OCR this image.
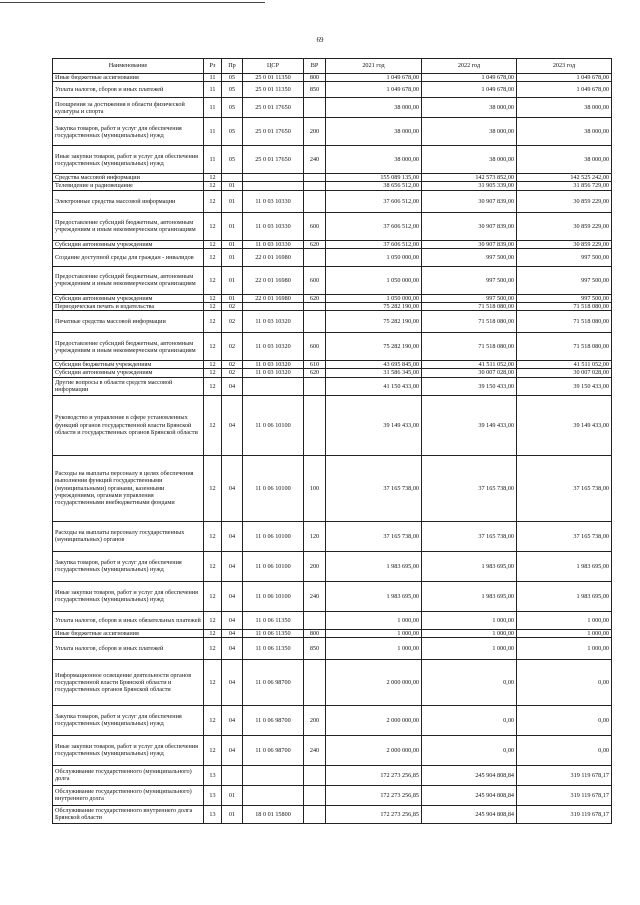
69
Наименование	Рз	Пр	ЦСР	ВР	2021 год	2022 год	2023 год
Иные бюджетные ассигнования	11	05	25 0 01 11350	800	1 049 678,00	1 049 678,00	1 049 678,00
Уплата налогов, сборов и иных платежей	11	05	25 0 01 11350	850	1 049 678,00	1 049 678,00	1 049 678,00
Поощрения за достижения в области физической культуры и спорта	11	05	25 0 01 17650		38 000,00	38 000,00	38 000,00
Закупка товаров, работ и услуг для обеспечения государственных (муниципальных) нужд	11	05	25 0 01 17650	200	38 000,00	38 000,00	38 000,00
Иные закупки товаров, работ и услуг для обеспечения государственных (муниципальных) нужд	11	05	25 0 01 17650	240	38 000,00	38 000,00	38 000,00
Средства массовой информации	12				155 089 135,00	142 573 852,00	142 525 242,00
Телевидение и радиовещание	12	01			38 656 512,00	31 905 339,00	31 856 729,00
Электронные средства массовой информации	12	01	11 0 03 10330		37 606 512,00	30 907 839,00	30 859 229,00
Предоставление субсидий бюджетным, автономным учреждениям и иным некоммерческим организациям	12	01	11 0 03 10330	600	37 606 512,00	30 907 839,00	30 859 229,00
Субсидии автономным учреждениям	12	01	11 0 03 10330	620	37 606 512,00	30 907 839,00	30 859 229,00
Создание доступной среды для граждан - инвалидов	12	01	22 0 01 16980		1 050 000,00	997 500,00	997 500,00
Предоставление субсидий бюджетным, автономным учреждениям и иным некоммерческим организациям	12	01	22 0 01 16980	600	1 050 000,00	997 500,00	997 500,00
Субсидии автономным учреждениям	12	01	22 0 01 16980	620	1 050 000,00	997 500,00	997 500,00
Периодическая печать и издательства	12	02			75 282 190,00	71 518 080,00	71 518 080,00
Печатные средства массовой информации	12	02	11 0 03 10320		75 282 190,00	71 518 080,00	71 518 080,00
Предоставление субсидий бюджетным, автономным учреждениям и иным некоммерческим организациям	12	02	11 0 03 10320	600	75 282 190,00	71 518 080,00	71 518 080,00
Субсидии бюджетным учреждениям	12	02	11 0 03 10320	610	43 695 845,00	41 511 052,00	41 511 052,00
Субсидии автономным учреждениям	12	02	11 0 03 10320	620	31 586 345,00	30 007 028,00	30 007 028,00
Другие вопросы в области средств массовой информации	12	04			41 150 433,00	39 150 433,00	39 150 433,00
Руководство и управление в сфере установленных функций органов государственной власти Брянской области и государственных органов Брянской области	12	04	11 0 06 10100		39 149 433,00	39 149 433,00	39 149 433,00
Расходы на выплаты персоналу в целях обеспечения выполнения функций государственными (муниципальными) органами, казенными учреждениями, органами управления государственными внебюджетными фондами	12	04	11 0 06 10100	100	37 165 738,00	37 165 738,00	37 165 738,00
Расходы на выплаты персоналу государственных (муниципальных) органов	12	04	11 0 06 10100	120	37 165 738,00	37 165 738,00	37 165 738,00
Закупка товаров, работ и услуг для обеспечения государственных (муниципальных) нужд	12	04	11 0 06 10100	200	1 983 695,00	1 983 695,00	1 983 695,00
Иные закупки товаров, работ и услуг для обеспечения государственных (муниципальных) нужд	12	04	11 0 06 10100	240	1 983 695,00	1 983 695,00	1 983 695,00
Уплата налогов, сборов и иных обязательных платежей	12	04	11 0 06 11350		1 000,00	1 000,00	1 000,00
Иные бюджетные ассигнования	12	04	11 0 06 11350	800	1 000,00	1 000,00	1 000,00
Уплата налогов, сборов и иных платежей	12	04	11 0 06 11350	850	1 000,00	1 000,00	1 000,00
Информационное освещение деятельности органов государственной власти Брянской области и государственных органов Брянской области	12	04	11 0 06 98700		2 000 000,00	0,00	0,00
Закупка товаров, работ и услуг для обеспечения государственных (муниципальных) нужд	12	04	11 0 06 98700	200	2 000 000,00	0,00	0,00
Иные закупки товаров, работ и услуг для обеспечения государственных (муниципальных) нужд	12	04	11 0 06 98700	240	2 000 000,00	0,00	0,00
Обслуживание государственного (муниципального) долга	13				172 273 256,85	245 904 808,84	319 119 678,17
Обслуживание государственного (муниципального) внутреннего долга	13	01			172 273 256,85	245 904 808,84	319 119 678,17
Обслуживание государственного внутреннего долга Брянской области	13	01	18 0 01 15800		172 273 256,85	245 904 808,84	319 119 678,17
